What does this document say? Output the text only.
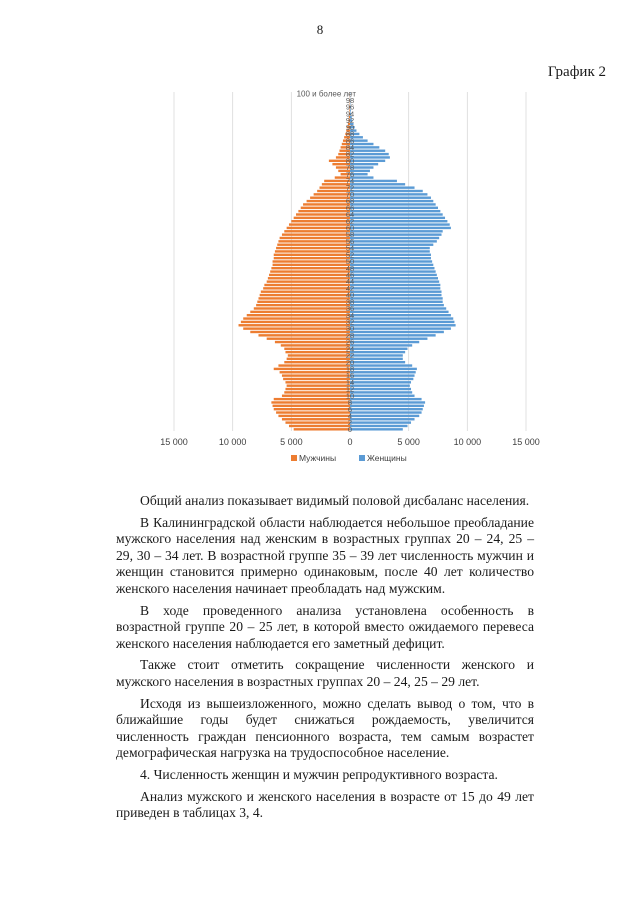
8
График 2
0
2
4
6
8
10
12
14
16
18
20
22
24
26
28
30
32
34
36
38
40
42
44
46
48
50
52
54
56
58
60
62
64
66
68
70
72
74
76
78
80
82
84
86
88
90
92
94
96
98
100 и более лет
15 000	10 000	5 000	0	5 000	10 000	15 000
Мужчины	Женщины

Общий анализ показывает видимый половой дисбаланс населения.

В Калининградской области наблюдается небольшое преобладание мужского населения над женским в возрастных группах 20 – 24, 25 – 29, 30 – 34 лет. В возрастной группе 35 – 39 лет численность мужчин и женщин становится примерно одинаковым, после 40 лет количество женского населения начинает преобладать над мужским.

В ходе проведенного анализа установлена особенность в возрастной группе 20 – 25 лет, в которой вместо ожидаемого перевеса женского населения наблюдается его заметный дефицит.

Также стоит отметить сокращение численности женского и мужского населения в возрастных группах 20 – 24, 25 – 29 лет.

Исходя из вышеизложенного, можно сделать вывод о том, что в ближайшие годы будет снижаться рождаемость, увеличится численность граждан пенсионного возраста, тем самым возрастет демографическая нагрузка на трудоспособное население.

4. Численность женщин и мужчин репродуктивного возраста.

Анализ мужского и женского населения в возрасте от 15 до 49 лет приведен в таблицах 3, 4.
